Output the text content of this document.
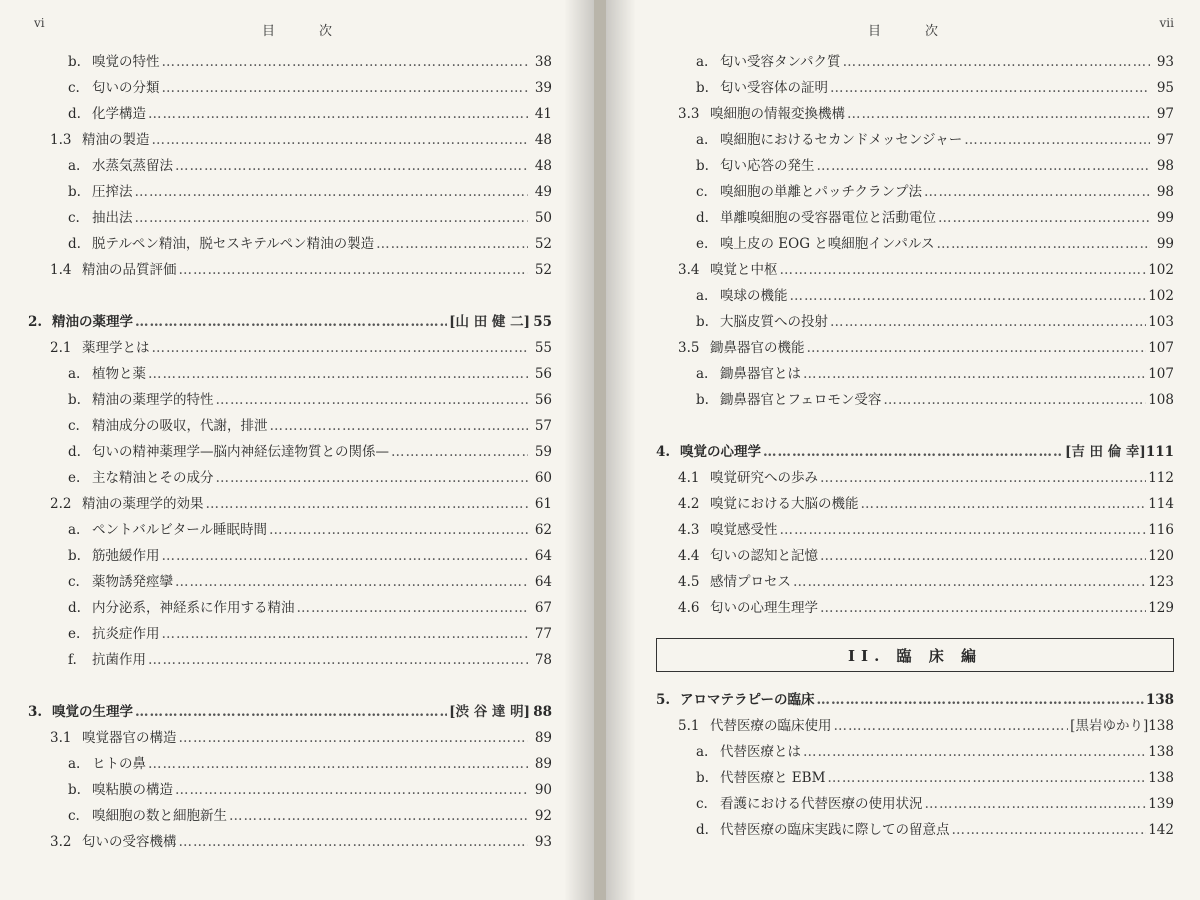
vi
目次
b. 嗅覚の特性 …………………………………………………………………………………………………………………………………………………………	38
c. 匂いの分類 …………………………………………………………………………………………………………………………………………………………	39
d. 化学構造 …………………………………………………………………………………………………………………………………………………………	41
1.3 精油の製造 …………………………………………………………………………………………………………………………………………………………	48
a. 水蒸気蒸留法 …………………………………………………………………………………………………………………………………………………………	48
b. 圧搾法 …………………………………………………………………………………………………………………………………………………………	49
c. 抽出法 …………………………………………………………………………………………………………………………………………………………	50
d. 脱テルペン精油，脱セスキテルペン精油の製造 …………………………………………………………………………………………………………………………………………………………	52
1.4 精油の品質評価 …………………………………………………………………………………………………………………………………………………………	52
2. 精油の薬理学 …………………………………………………………………………………………………………………………………………………………	[山 田 健 二] 55
2.1 薬理学とは …………………………………………………………………………………………………………………………………………………………	55
a. 植物と薬 …………………………………………………………………………………………………………………………………………………………	56
b. 精油の薬理学的特性 …………………………………………………………………………………………………………………………………………………………	56
c. 精油成分の吸収，代謝，排泄 …………………………………………………………………………………………………………………………………………………………	57
d. 匂いの精神薬理学—脳内神経伝達物質との関係— …………………………………………………………………………………………………………………………………………………………	59
e. 主な精油とその成分 …………………………………………………………………………………………………………………………………………………………	60
2.2 精油の薬理学的効果 …………………………………………………………………………………………………………………………………………………………	61
a. ペントバルビタール睡眠時間 …………………………………………………………………………………………………………………………………………………………	62
b. 筋弛緩作用 …………………………………………………………………………………………………………………………………………………………	64
c. 薬物誘発痙攣 …………………………………………………………………………………………………………………………………………………………	64
d. 内分泌系，神経系に作用する精油 …………………………………………………………………………………………………………………………………………………………	67
e. 抗炎症作用 …………………………………………………………………………………………………………………………………………………………	77
f.	抗菌作用 …………………………………………………………………………………………………………………………………………………………	78
3. 嗅覚の生理学 …………………………………………………………………………………………………………………………………………………………	[渋 谷 達 明] 88
3.1 嗅覚器官の構造 …………………………………………………………………………………………………………………………………………………………	89
a. ヒトの鼻 …………………………………………………………………………………………………………………………………………………………	89
b. 嗅粘膜の構造 …………………………………………………………………………………………………………………………………………………………	90
c. 嗅細胞の数と細胞新生 …………………………………………………………………………………………………………………………………………………………	92
3.2 匂いの受容機構 …………………………………………………………………………………………………………………………………………………………	93
目次
vii
a. 匂い受容タンパク質 …………………………………………………………………………………………………………………………………………………………	93
b. 匂い受容体の証明 …………………………………………………………………………………………………………………………………………………………	95
3.3 嗅細胞の情報変換機構 …………………………………………………………………………………………………………………………………………………………	97
a. 嗅細胞におけるセカンドメッセンジャー …………………………………………………………………………………………………………………………………………………………	97
b. 匂い応答の発生 …………………………………………………………………………………………………………………………………………………………	98
c. 嗅細胞の単離とパッチクランプ法 …………………………………………………………………………………………………………………………………………………………	98
d. 単離嗅細胞の受容器電位と活動電位 …………………………………………………………………………………………………………………………………………………………	99
e. 嗅上皮の EOG と嗅細胞インパルス …………………………………………………………………………………………………………………………………………………………	99
3.4 嗅覚と中枢 …………………………………………………………………………………………………………………………………………………………	102
a. 嗅球の機能 …………………………………………………………………………………………………………………………………………………………	102
b. 大脳皮質への投射 …………………………………………………………………………………………………………………………………………………………	103
3.5 鋤鼻器官の機能 …………………………………………………………………………………………………………………………………………………………	107
a. 鋤鼻器官とは …………………………………………………………………………………………………………………………………………………………	107
b. 鋤鼻器官とフェロモン受容 …………………………………………………………………………………………………………………………………………………………	108
4. 嗅覚の心理学 …………………………………………………………………………………………………………………………………………………………	[吉 田 倫 幸] 111
4.1 嗅覚研究への歩み …………………………………………………………………………………………………………………………………………………………	112
4.2 嗅覚における大脳の機能 …………………………………………………………………………………………………………………………………………………………	114
4.3 嗅覚感受性 …………………………………………………………………………………………………………………………………………………………	116
4.4 匂いの認知と記憶 …………………………………………………………………………………………………………………………………………………………	120
4.5 感情プロセス …………………………………………………………………………………………………………………………………………………………	123
4.6 匂いの心理生理学 …………………………………………………………………………………………………………………………………………………………	129
II. 臨 床 編
5. アロマテラピーの臨床 …………………………………………………………………………………………………………………………………………………………	138
5.1 代替医療の臨床使用 …………………………………………………………………………………………………………………………………………………………	[黒岩ゆかり] 138
a. 代替医療とは …………………………………………………………………………………………………………………………………………………………	138
b. 代替医療と EBM …………………………………………………………………………………………………………………………………………………………	138
c. 看護における代替医療の使用状況 …………………………………………………………………………………………………………………………………………………………	139
d. 代替医療の臨床実践に際しての留意点 …………………………………………………………………………………………………………………………………………………………	142
